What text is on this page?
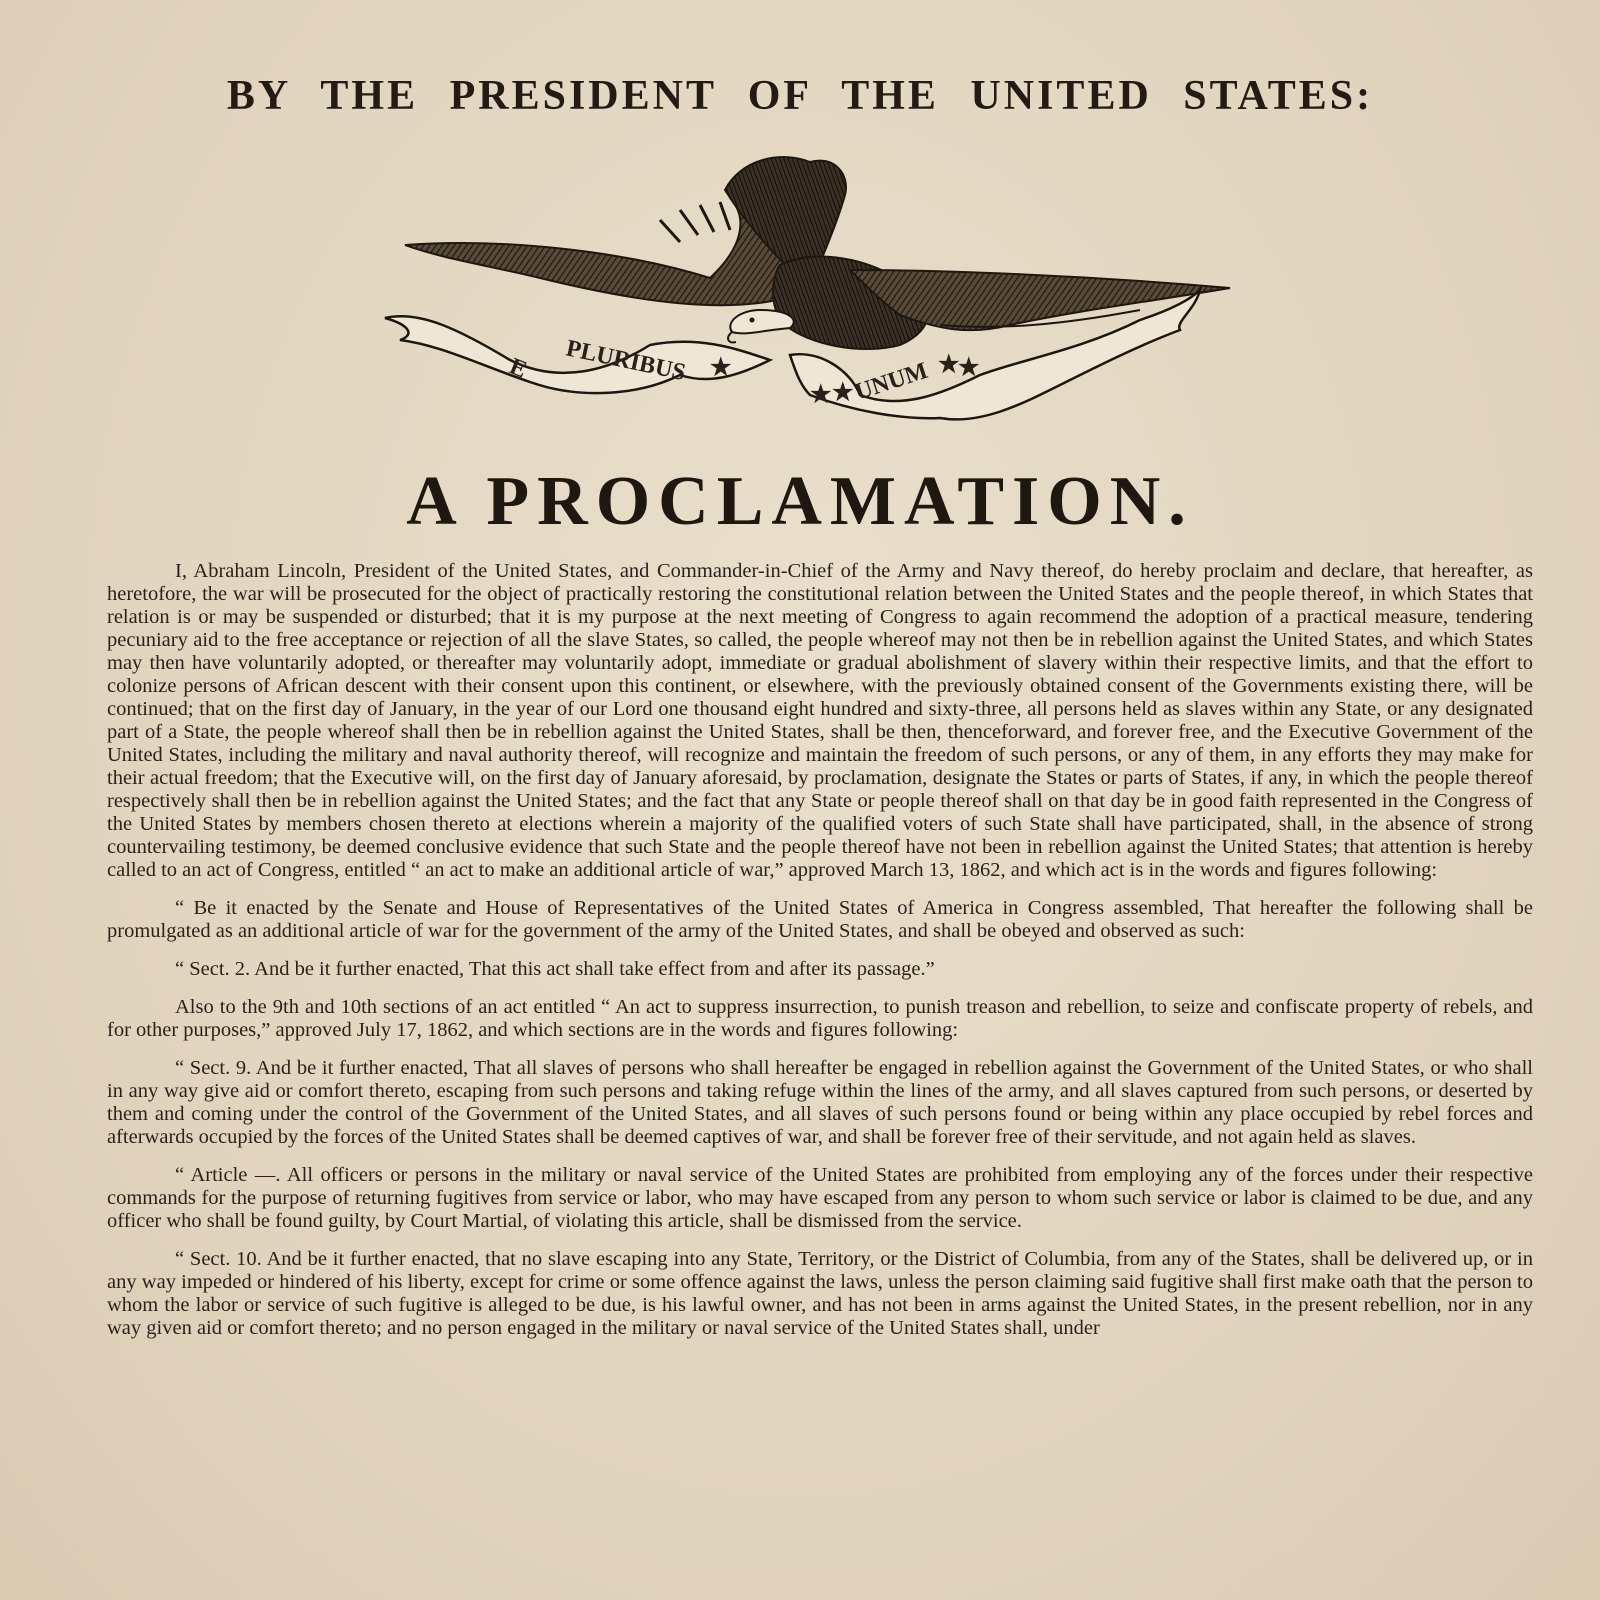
BY THE PRESIDENT OF THE UNITED STATES:
E PLURIBUS ★
★ ★
UNUM ★
★
A PROCLAMATION.

I, Abraham Lincoln, President of the United States, and Commander-in-Chief of the Army and Navy thereof, do hereby proclaim and declare, that hereafter, as heretofore, the war will be prosecuted for the object of practically restoring the constitutional relation between the United States and the people thereof, in which States that relation is or may be suspended or disturbed; that it is my purpose at the next meeting of Congress to again recommend the adoption of a practical measure, tendering pecuniary aid to the free acceptance or rejection of all the slave States, so called, the people whereof may not then be in rebellion against the United States, and which States may then have voluntarily adopted, or thereafter may voluntarily adopt, immediate or gradual abolishment of slavery within their respective limits, and that the effort to colonize persons of African descent with their consent upon this continent, or elsewhere, with the previously obtained consent of the Governments existing there, will be continued; that on the first day of January, in the year of our Lord one thousand eight hundred and sixty-three, all persons held as slaves within any State, or any designated part of a State, the people whereof shall then be in rebellion against the United States, shall be then, thenceforward, and forever free, and the Executive Government of the United States, including the military and naval authority thereof, will recognize and maintain the freedom of such persons, or any of them, in any efforts they may make for their actual freedom; that the Executive will, on the first day of January aforesaid, by proclamation, designate the States or parts of States, if any, in which the people thereof respectively shall then be in rebellion against the United States; and the fact that any State or people thereof shall on that day be in good faith represented in the Congress of the United States by members chosen thereto at elections wherein a majority of the qualified voters of such State shall have participated, shall, in the absence of strong countervailing testimony, be deemed conclusive evidence that such State and the people thereof have not been in rebellion against the United States; that attention is hereby called to an act of Congress, entitled “ an act to make an additional article of war,” approved March 13, 1862, and which act is in the words and figures following:

“ Be it enacted by the Senate and House of Representatives of the United States of America in Congress assembled, That hereafter the following shall be promulgated as an additional article of war for the government of the army of the United States, and shall be obeyed and observed as such:

“ Sect. 2. And be it further enacted, That this act shall take effect from and after its passage.”

Also to the 9th and 10th sections of an act entitled “ An act to suppress insurrection, to punish treason and rebellion, to seize and confiscate property of rebels, and for other purposes,” approved July 17, 1862, and which sections are in the words and figures following:

“ Sect. 9. And be it further enacted, That all slaves of persons who shall hereafter be engaged in rebellion against the Government of the United States, or who shall in any way give aid or comfort thereto, escaping from such persons and taking refuge within the lines of the army, and all slaves captured from such persons, or deserted by them and coming under the control of the Government of the United States, and all slaves of such persons found or being within any place occupied by rebel forces and afterwards occupied by the forces of the United States shall be deemed captives of war, and shall be forever free of their servitude, and not again held as slaves.

“ Article —. All officers or persons in the military or naval service of the United States are prohibited from employing any of the forces under their respective commands for the purpose of returning fugitives from service or labor, who may have escaped from any person to whom such service or labor is claimed to be due, and any officer who shall be found guilty, by Court Martial, of violating this article, shall be dismissed from the service.

“ Sect. 10. And be it further enacted, that no slave escaping into any State, Territory, or the District of Columbia, from any of the States, shall be delivered up, or in any way impeded or hindered of his liberty, except for crime or some offence against the laws, unless the person claiming said fugitive shall first make oath that the person to whom the labor or service of such fugitive is alleged to be due, is his lawful owner, and has not been in arms against the United States, in the present rebellion, nor in any way given aid or comfort thereto; and no person engaged in the military or naval service of the United States shall, under
